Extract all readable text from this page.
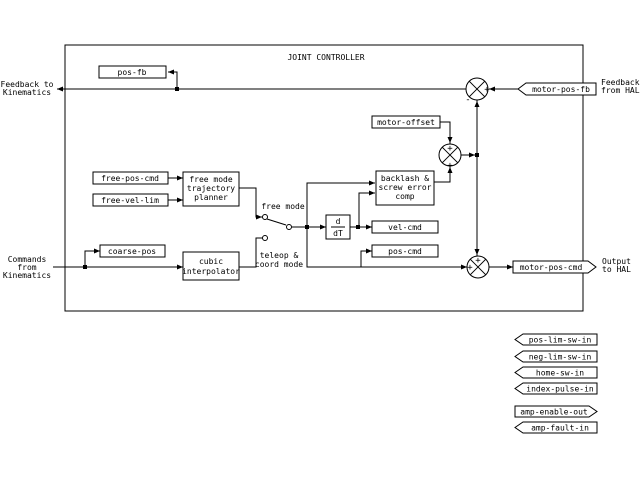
JOINT CONTROLLER
pos-fb
motor-offset
free-pos-cmd
free-vel-lim
free mode
trajectory
planner
backlash &
screw error
comp
d
dT
vel-cmd
pos-cmd
coarse-pos
cubic
interpolator
+
-
+
+
+
+
free mode
teleop &
coord mode
motor-pos-fb
motor-pos-cmd
Feedback to
Kinematics
Commands
from
Kinematics
Feedback
from HAL
Output
to HAL
pos-lim-sw-in
neg-lim-sw-in
home-sw-in
index-pulse-in
amp-enable-out
amp-fault-in
